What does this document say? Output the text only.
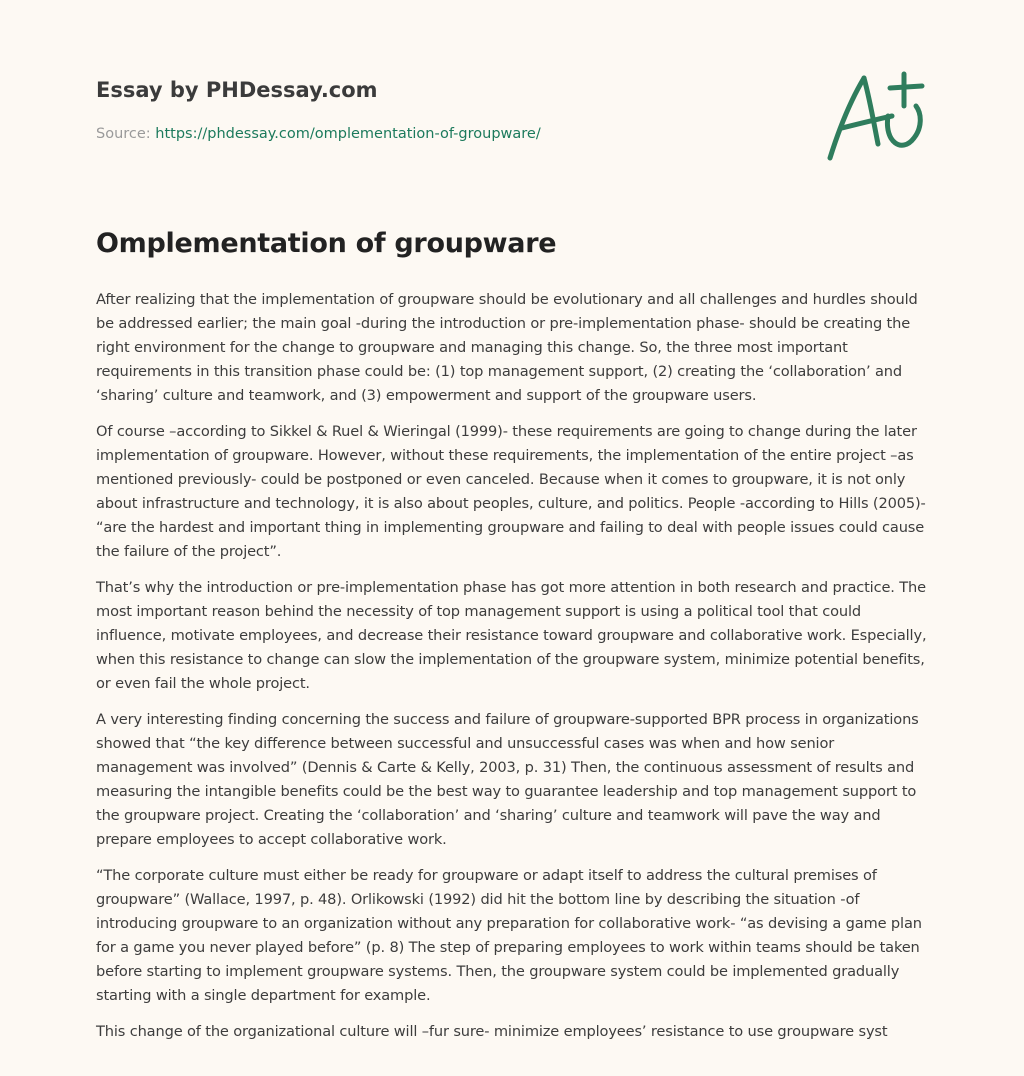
Essay by PHDessay.com
Source: https://phdessay.com/omplementation-of-groupware/
Omplementation of groupware

After realizing that the implementation of groupware should be evolutionary and all challenges and hurdles should be addressed earlier; the main goal -during the introduction or pre-implementation phase- should be creating the right environment for the change to groupware and managing this change. So, the three most important requirements in this transition phase could be: (1) top management support, (2) creating the ‘collaboration’ and ‘sharing’ culture and teamwork, and (3) empowerment and support of the groupware users.

Of course –according to Sikkel & Ruel & Wieringal (1999)- these requirements are going to change during the later implementation of groupware. However, without these requirements, the implementation of the entire project –as mentioned previously- could be postponed or even canceled. Because when it comes to groupware, it is not only about infrastructure and technology, it is also about peoples, culture, and politics. People -according to Hills (2005)- “are the hardest and important thing in implementing groupware and failing to deal with people issues could cause the failure of the project”.

That’s why the introduction or pre-implementation phase has got more attention in both research and practice. The most important reason behind the necessity of top management support is using a political tool that could influence, motivate employees, and decrease their resistance toward groupware and collaborative work. Especially, when this resistance to change can slow the implementation of the groupware system, minimize potential benefits, or even fail the whole project.

A very interesting finding concerning the success and failure of groupware-supported BPR process in organizations showed that “the key difference between successful and unsuccessful cases was when and how senior management was involved” (Dennis & Carte & Kelly, 2003, p. 31) Then, the continuous assessment of results and measuring the intangible benefits could be the best way to guarantee leadership and top management support to the groupware project. Creating the ‘collaboration’ and ‘sharing’ culture and teamwork will pave the way and prepare employees to accept collaborative work.

“The corporate culture must either be ready for groupware or adapt itself to address the cultural premises of groupware” (Wallace, 1997, p. 48). Orlikowski (1992) did hit the bottom line by describing the situation -of introducing groupware to an organization without any preparation for collaborative work- “as devising a game plan for a game you never played before” (p. 8) The step of preparing employees to work within teams should be taken before starting to implement groupware systems. Then, the groupware system could be implemented gradually starting with a single department for example.

This change of the organizational culture will –fur sure- minimize employees’ resistance to use groupware syst
